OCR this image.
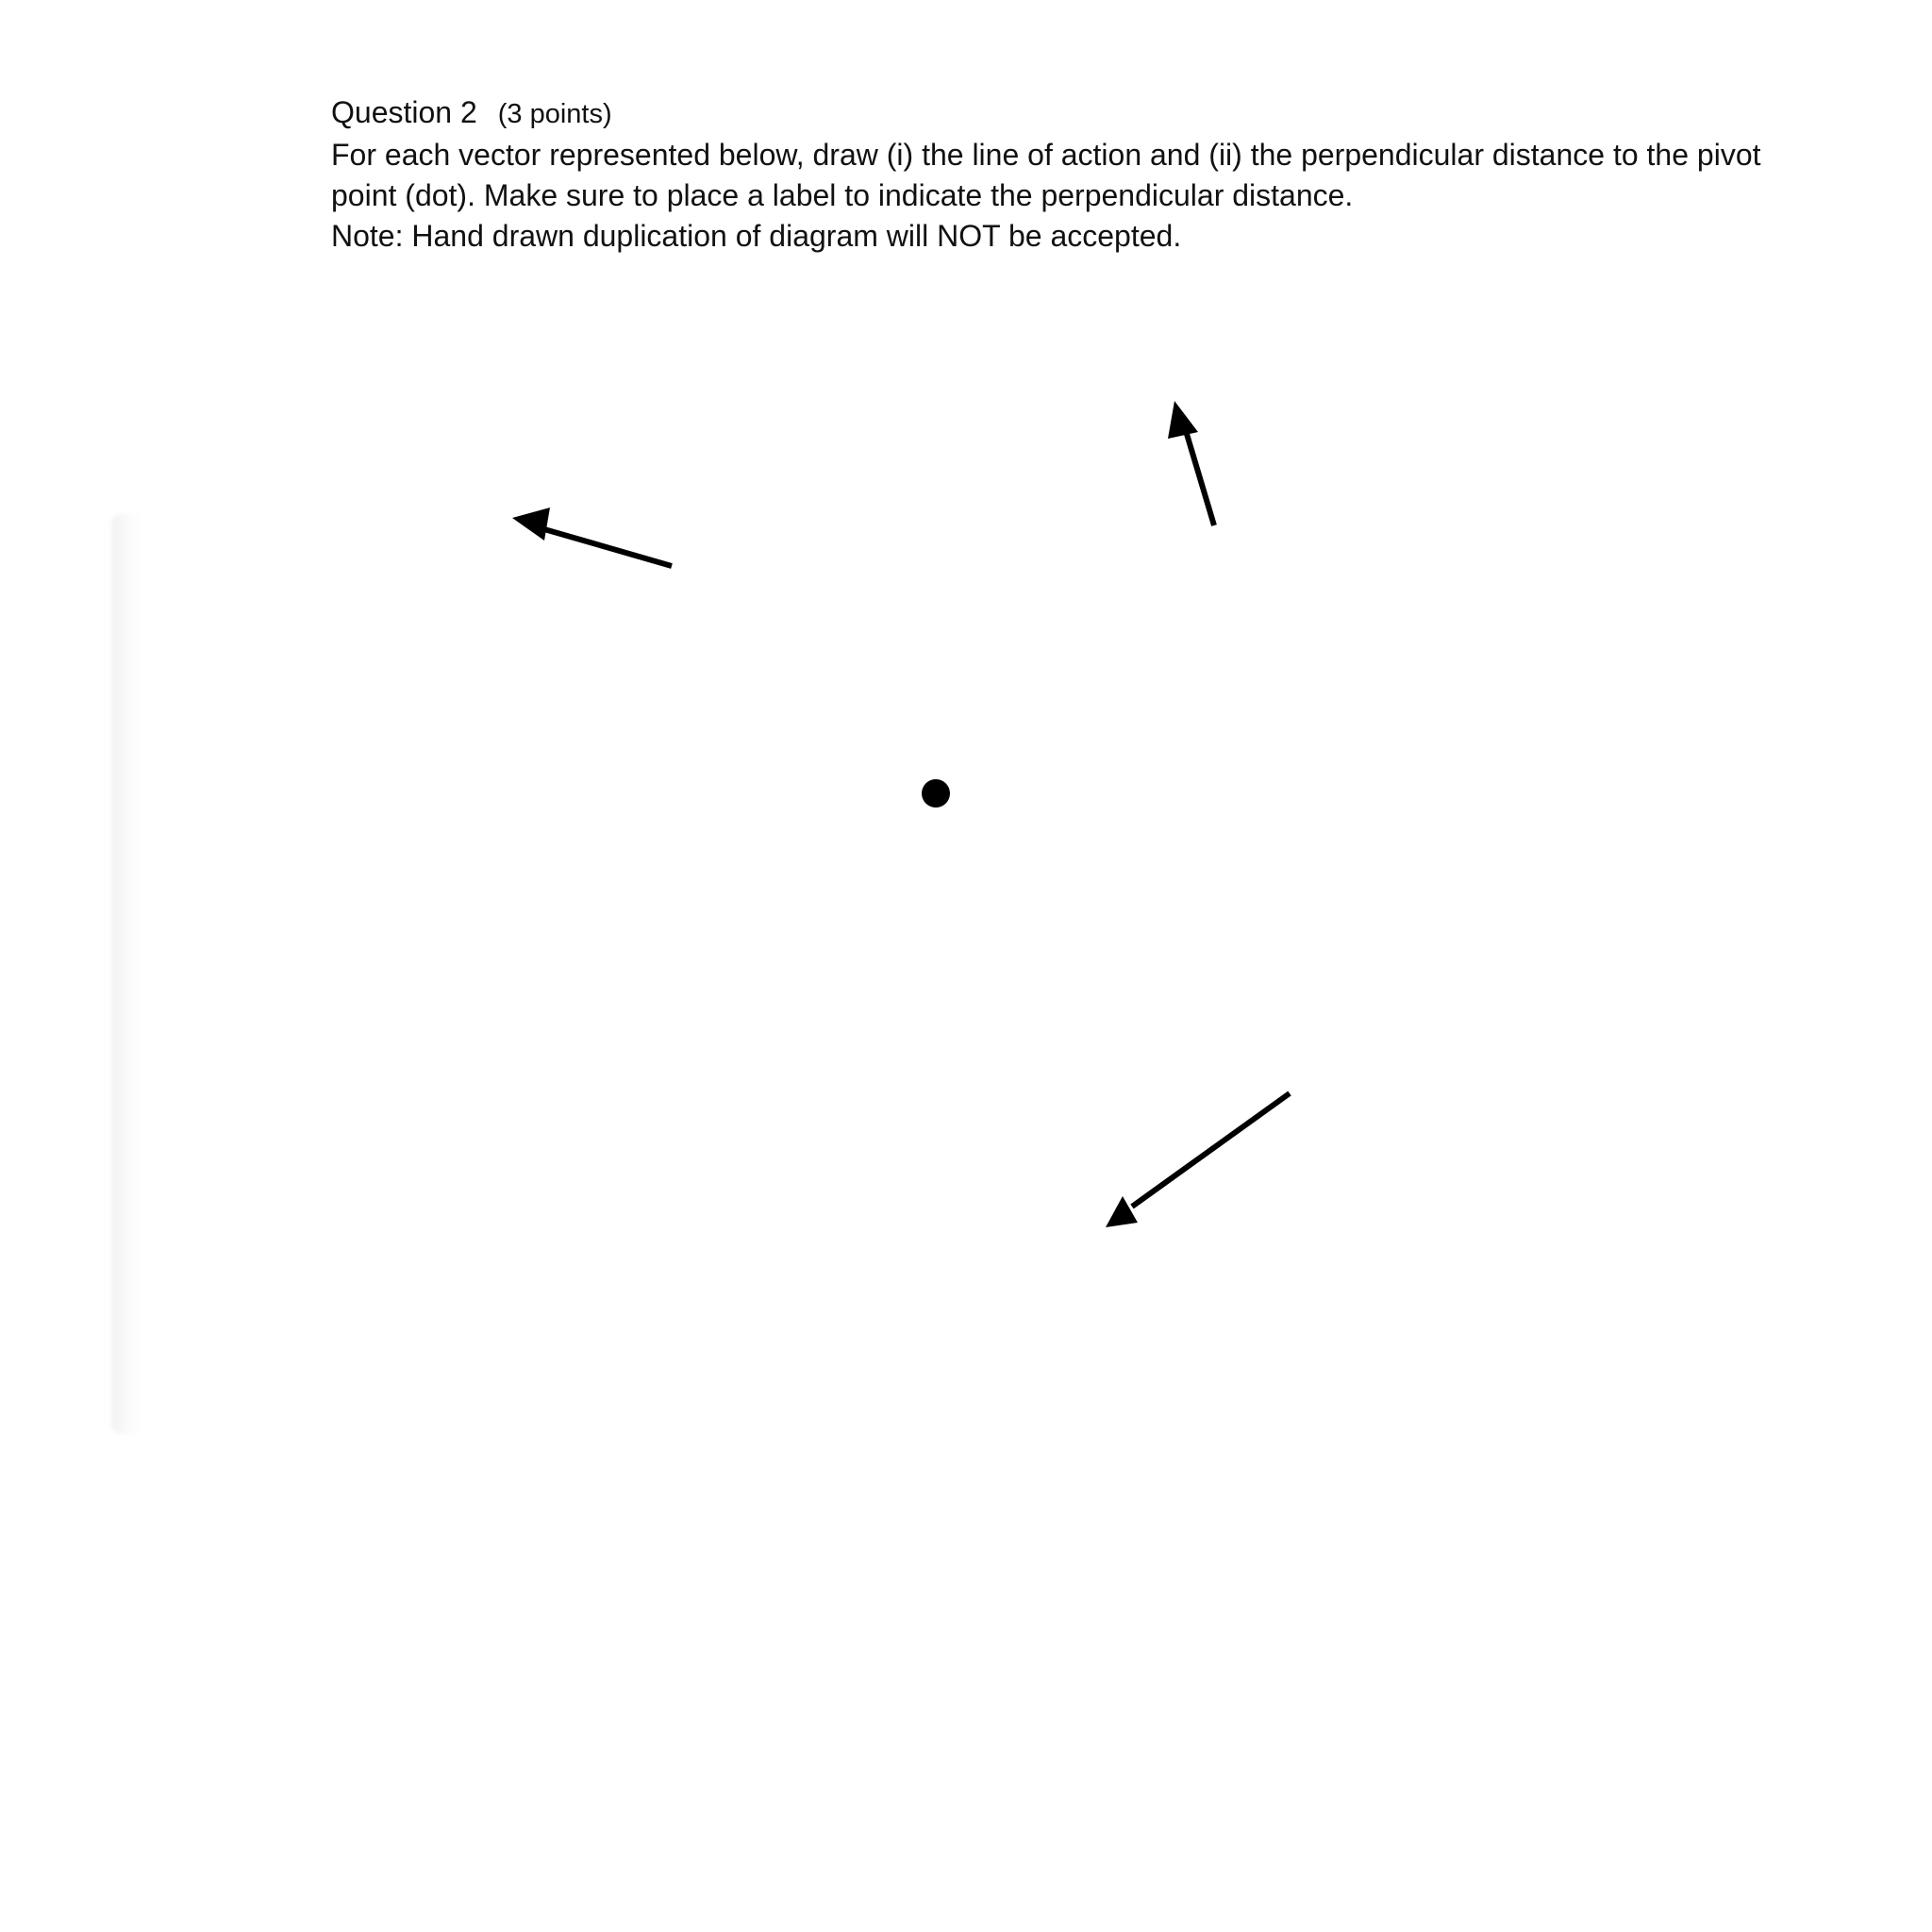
Question 2 (3 points)

For each vector represented below, draw (i) the line of action and (ii) the perpendicular distance to the pivot point (dot). Make sure to place a label to indicate the perpendicular distance.

Note: Hand drawn duplication of diagram will NOT be accepted.
